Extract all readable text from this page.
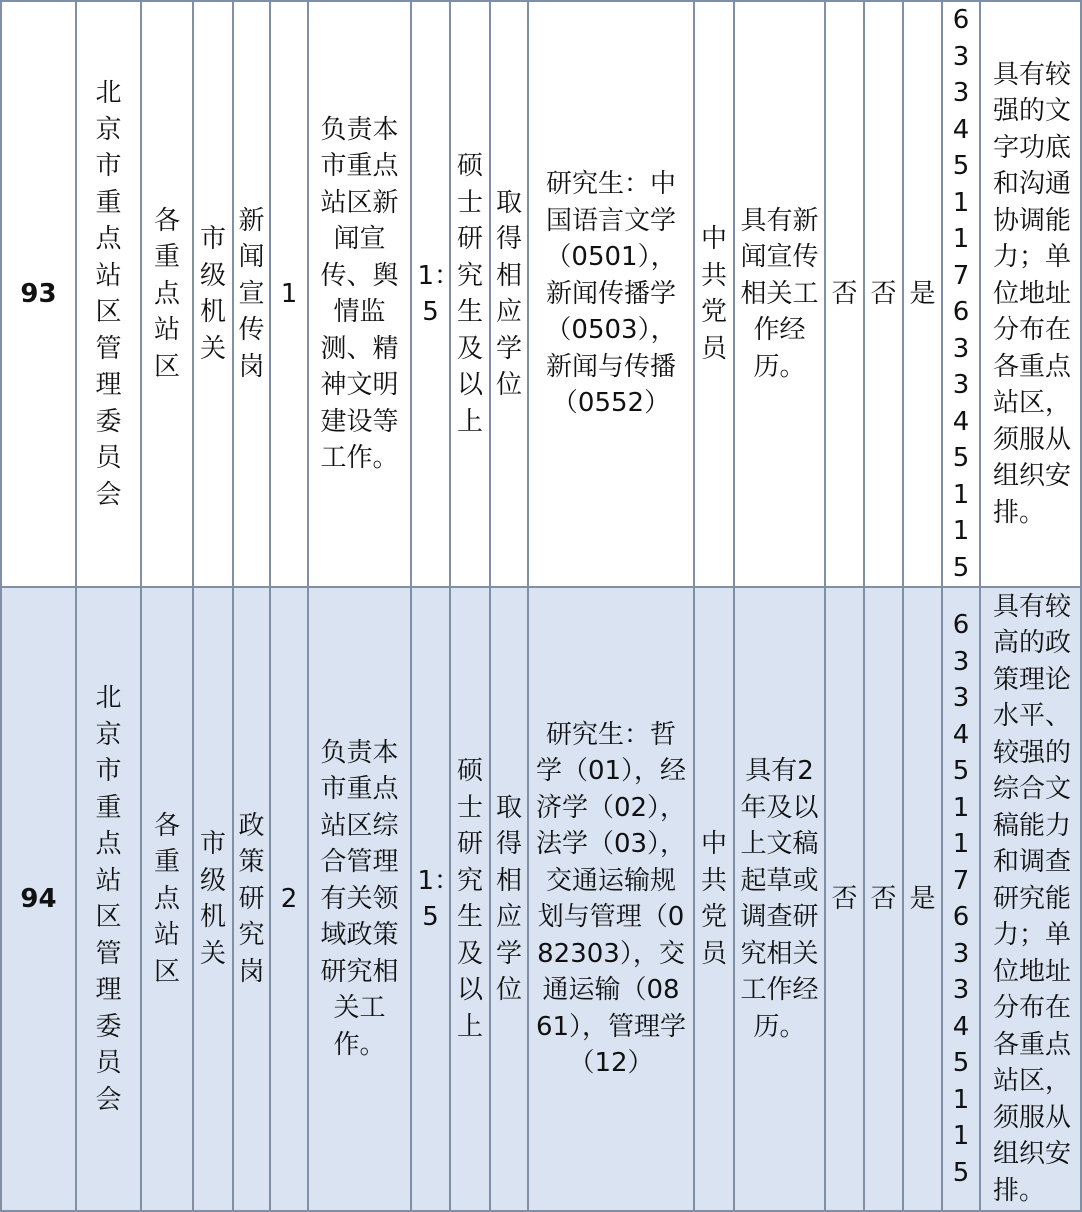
93	北京市重点站区管理委员会	各重点站区	市级机关	新闻宣传岗	1	负责本市重点站区新闻宣传、舆情监测、精神文明建设等工作。	1：5	硕士研究生及以上	取得相应学位	研究生：中国语言文学（0501），新闻传播学（0503），新闻与传播（0552）	中共党员	具有新闻宣传相关工作经历。	否	否	是	63345117633451 15	具有较强的文字功底和沟通协调能力；单位地址分布在各重点站区，须服从组织安排。
94	北京市重点站区管理委员会	各重点站区	市级机关	政策研究岗	2	负责本市重点站区综合管理有关领域政策研究相关工作。	1：5	硕士研究生及以上	取得相应学位	研究生：哲学（01），经济学（02），法学（03），交通运输规划与管理（082303），交通运输（0861），管理学（12）	中共党员	具有2年及以上文稿起草或调查研究相关工作经历。	否	否	是	63345117633451 15	具有较高的政策理论水平、较强的综合文稿能力和调查研究能力；单位地址分布在各重点站区，须服从组织安排。
